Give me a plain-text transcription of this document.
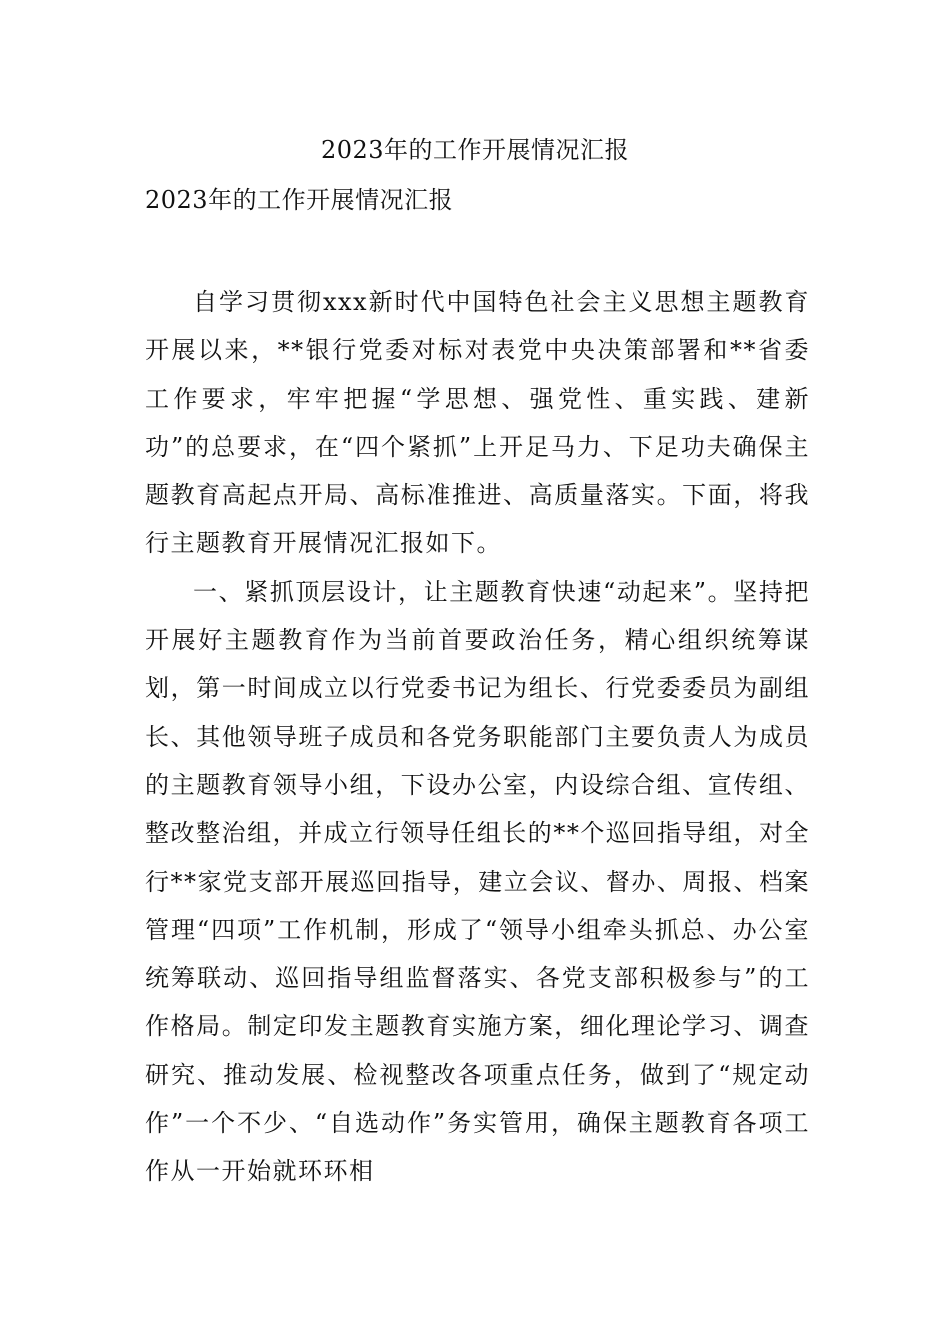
2023年的工作开展情况汇报
2023年的工作开展情况汇报

自学习贯彻xxx新时代中国特色社会主义思想主题教育开展以来，**银行党委对标对表党中央决策部署和**省委工作要求，牢牢把握“学思想、强党性、重实践、建新功”的总要求，在“四个紧抓”上开足马力、下足功夫确保主题教育高起点开局、高标准推进、高质量落实。下面，将我行主题教育开展情况汇报如下。

一、紧抓顶层设计，让主题教育快速“动起来”。坚持把开展好主题教育作为当前首要政治任务，精心组织统筹谋划，第一时间成立以行党委书记为组长、行党委委员为副组长、其他领导班子成员和各党务职能部门主要负责人为成员的主题教育领导小组，下设办公室，内设综合组、宣传组、整改整治组，并成立行领导任组长的**个巡回指导组，对全行**家党支部开展巡回指导，建立会议、督办、周报、档案管理“四项”工作机制，形成了“领导小组牵头抓总、办公室统筹联动、巡回指导组监督落实、各党支部积极参与”的工作格局。制定印发主题教育实施方案，细化理论学习、调查研究、推动发展、检视整改各项重点任务，做到了“规定动作”一个不少、“自选动作”务实管用，确保主题教育各项工作从一开始就环环相
